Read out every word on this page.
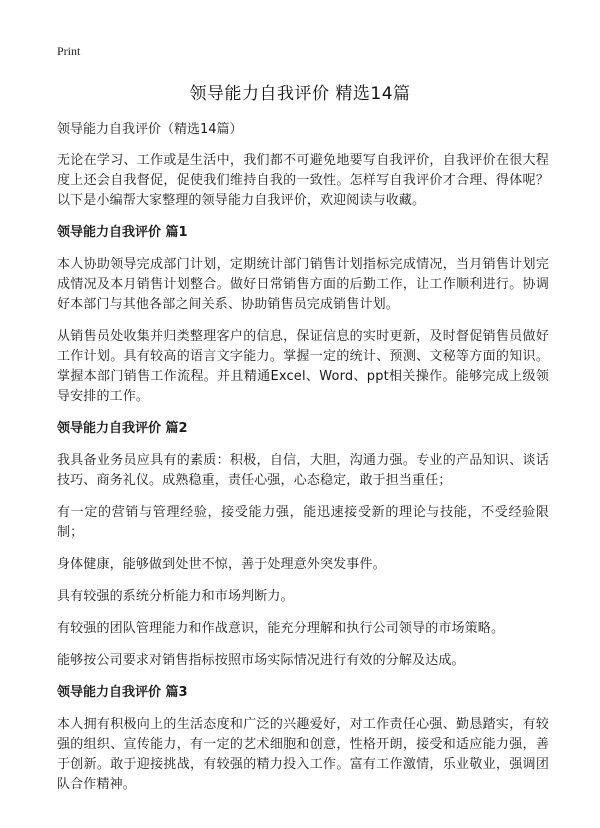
Print
领导能力自我评价 精选14篇
领导能力自我评价（精选14篇）

无论在学习、工作或是生活中，我们都不可避免地要写自我评价，自我评价在很大程度上还会自我督促，促使我们维持自我的一致性。怎样写自我评价才合理、得体呢？以下是小编帮大家整理的领导能力自我评价，欢迎阅读与收藏。

领导能力自我评价 篇1

本人协助领导完成部门计划，定期统计部门销售计划指标完成情况，当月销售计划完成情况及本月销售计划整合。做好日常销售方面的后勤工作，让工作顺利进行。协调好本部门与其他各部之间关系、协助销售员完成销售计划。

从销售员处收集并归类整理客户的信息，保证信息的实时更新，及时督促销售员做好工作计划。具有较高的语言文字能力。掌握一定的统计、预测、文秘等方面的知识。掌握本部门销售工作流程。并且精通Excel、Word、ppt相关操作。能够完成上级领导安排的工作。

领导能力自我评价 篇2

我具备业务员应具有的素质：积极，自信，大胆，沟通力强。专业的产品知识、谈话技巧、商务礼仪。成熟稳重，责任心强，心态稳定，敢于担当重任；

有一定的营销与管理经验，接受能力强，能迅速接受新的理论与技能，不受经验限制；

身体健康，能够做到处世不惊，善于处理意外突发事件。

具有较强的系统分析能力和市场判断力。

有较强的团队管理能力和作战意识，能充分理解和执行公司领导的市场策略。

能够按公司要求对销售指标按照市场实际情况进行有效的分解及达成。

领导能力自我评价 篇3

本人拥有积极向上的生活态度和广泛的兴趣爱好，对工作责任心强、勤恳踏实，有较强的组织、宣传能力，有一定的艺术细胞和创意，性格开朗，接受和适应能力强，善于创新。敢于迎接挑战，有较强的精力投入工作。富有工作激情，乐业敬业，强调团队合作精神。
